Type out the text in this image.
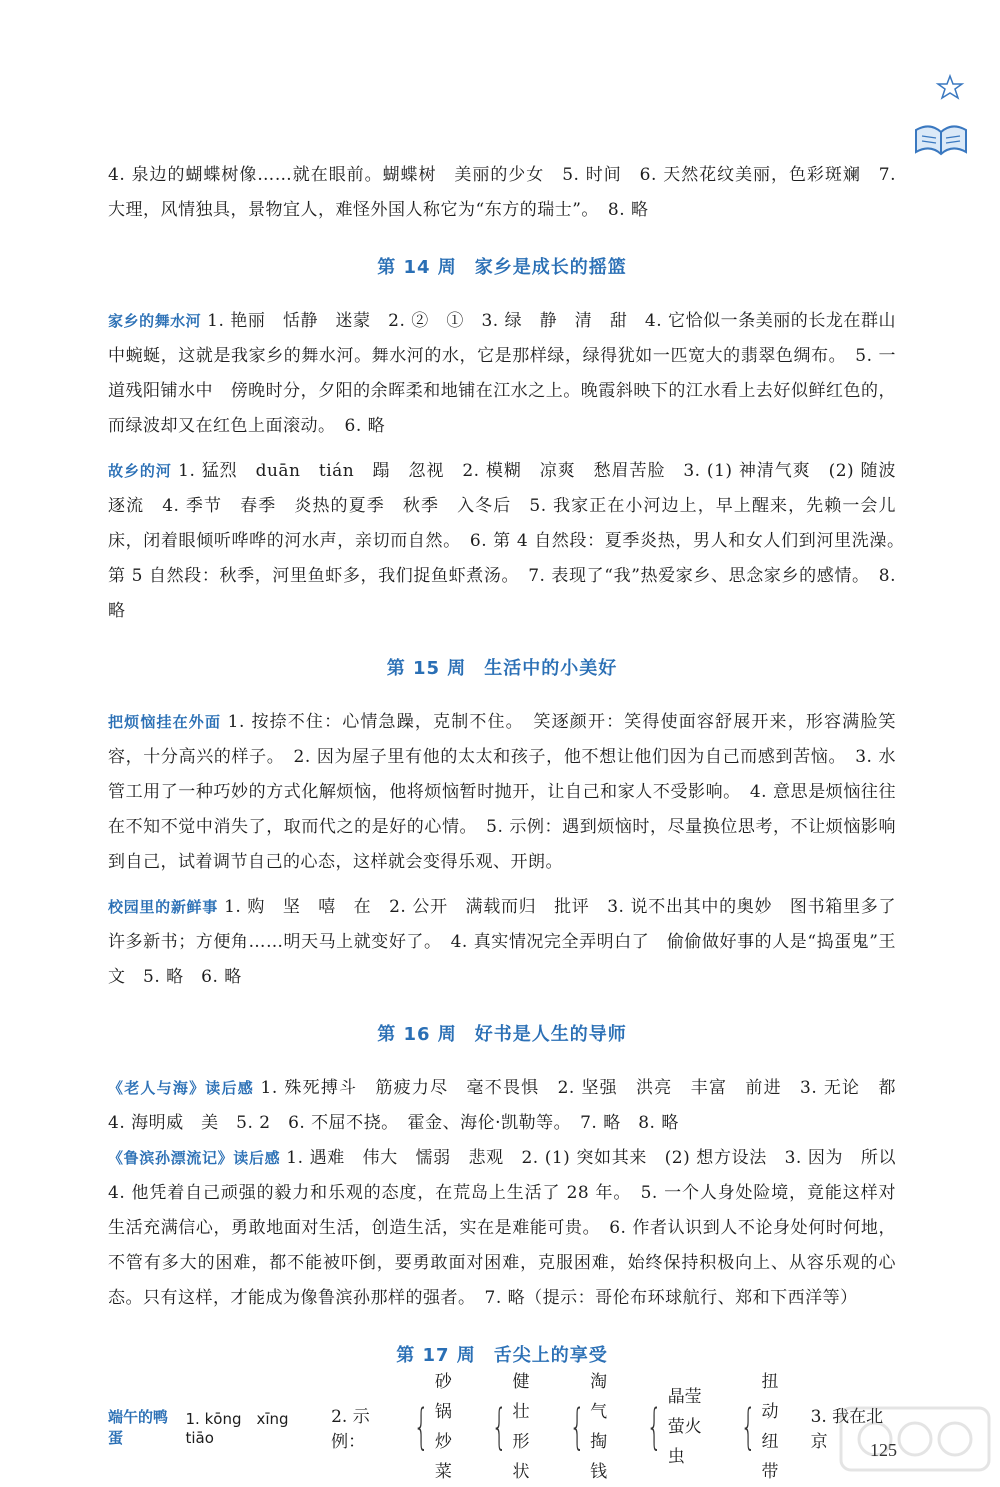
4. 泉边的蝴蝶树像……就在眼前。蝴蝶树　美丽的少女　5. 时间　6. 天然花纹美丽，色彩斑斓　7. 大理，风情独具，景物宜人，难怪外国人称它为“东方的瑞士”。　8. 略

第 14 周 家乡是成长的摇篮

家乡的舞水河 1. 艳丽　恬静　迷蒙　2. ②　①　3. 绿　静　清　甜　4. 它恰似一条美丽的长龙在群山中蜿蜒，这就是我家乡的舞水河。舞水河的水，它是那样绿，绿得犹如一匹宽大的翡翠色绸布。　5. 一道残阳铺水中　傍晚时分，夕阳的余晖柔和地铺在江水之上。晚霞斜映下的江水看上去好似鲜红色的，而绿波却又在红色上面滚动。　6. 略

故乡的河 1. 猛烈　duān　tián　蹋　忽视　2. 模糊　凉爽　愁眉苦脸　3. (1) 神清气爽　(2) 随波逐流　4. 季节　春季　炎热的夏季　秋季　入冬后　5. 我家正在小河边上，早上醒来，先赖一会儿床，闭着眼倾听哗哗的河水声，亲切而自然。　6. 第 4 自然段：夏季炎热，男人和女人们到河里洗澡。　第 5 自然段：秋季，河里鱼虾多，我们捉鱼虾煮汤。　7. 表现了“我”热爱家乡、思念家乡的感情。　8. 略

第 15 周 生活中的小美好

把烦恼挂在外面 1. 按捺不住：心情急躁，克制不住。　笑逐颜开：笑得使面容舒展开来，形容满脸笑容，十分高兴的样子。　2. 因为屋子里有他的太太和孩子，他不想让他们因为自己而感到苦恼。　3. 水管工用了一种巧妙的方式化解烦恼，他将烦恼暂时抛开，让自己和家人不受影响。　4. 意思是烦恼往往在不知不觉中消失了，取而代之的是好的心情。　5. 示例：遇到烦恼时，尽量换位思考，不让烦恼影响到自己，试着调节自己的心态，这样就会变得乐观、开朗。

校园里的新鲜事 1. 购　坚　嘻　在　2. 公开　满载而归　批评　3. 说不出其中的奥妙　图书箱里多了许多新书；方便角……明天马上就变好了。　4. 真实情况完全弄明白了　偷偷做好事的人是“捣蛋鬼”王文　5. 略　6. 略

第 16 周 好书是人生的导师

《老人与海》读后感 1. 殊死搏斗　筋疲力尽　毫不畏惧　2. 坚强　洪亮　丰富　前进　3. 无论　都　4. 海明威　美　5. 2　6. 不屈不挠。　霍金、海伦·凯勒等。　7. 略　8. 略

《鲁滨孙漂流记》读后感 1. 遇难　伟大　懦弱　悲观　2. (1) 突如其来　(2) 想方设法　3. 因为　所以　4. 他凭着自己顽强的毅力和乐观的态度，在荒岛上生活了 28 年。　5. 一个人身处险境，竟能这样对生活充满信心，勇敢地面对生活，创造生活，实在是难能可贵。　6. 作者认识到人不论身处何时何地，不管有多大的困难，都不能被吓倒，要勇敢面对困难，克服困难，始终保持积极向上、从容乐观的心态。只有这样，才能成为像鲁滨孙那样的强者。　7. 略（提示：哥伦布环球航行、郑和下西洋等）

第 17 周 舌尖上的享受
端午的鸭蛋
1. kōng　xīng　tiāo
2. 示例：	{
砂锅
炒菜
{
健壮
形状
{
淘气
掏钱
{
晶莹
萤火虫
{
扭动
纽带
3. 我在北京	125
